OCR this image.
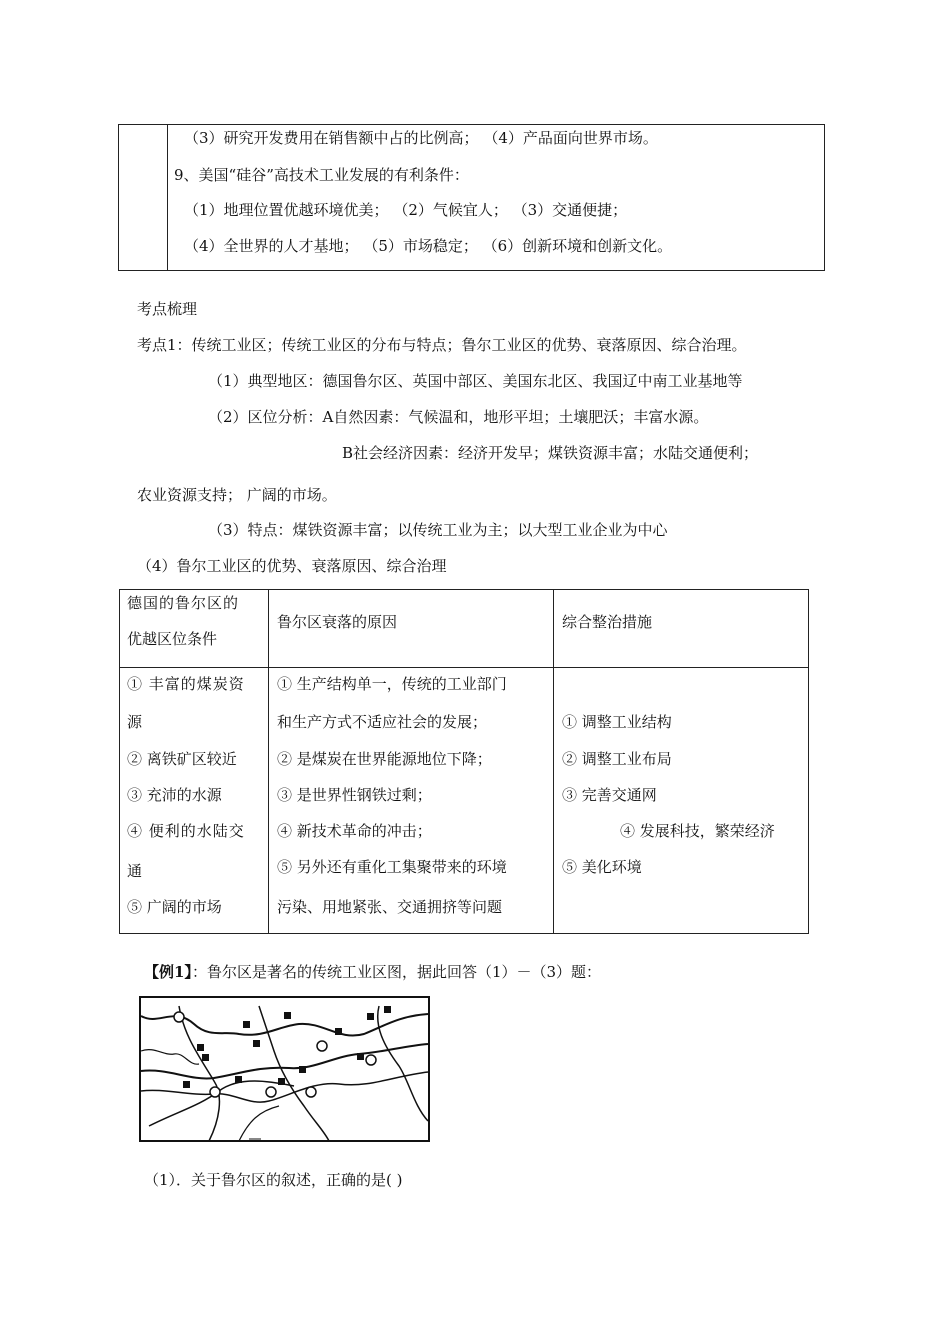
（3）研究开发费用在销售额中占的比例高； （4）产品面向世界市场。
9、美国“硅谷”高技术工业发展的有利条件：
（1）地理位置优越环境优美； （2）气候宜人； （3）交通便捷；
（4）全世界的人才基地； （5）市场稳定； （6）创新环境和创新文化。
考点梳理
考点1：传统工业区；传统工业区的分布与特点；鲁尔工业区的优势、衰落原因、综合治理。
（1）典型地区：德国鲁尔区、英国中部区、美国东北区、我国辽中南工业基地等
（2）区位分析：A自然因素：气候温和，地形平坦；土壤肥沃；丰富水源。
B社会经济因素：经济开发早；煤铁资源丰富；水陆交通便利；
农业资源支持； 广阔的市场。
（3）特点：煤铁资源丰富；以传统工业为主；以大型工业企业为中心
（4）鲁尔工业区的优势、衰落原因、综合治理
德国的鲁尔区的
优越区位条件
鲁尔区衰落的原因	综合整治措施
① 丰富的煤炭资
源
② 离铁矿区较近
③ 充沛的水源
④ 便利的水陆交
通
⑤ 广阔的市场
① 生产结构单一，传统的工业部门
和生产方式不适应社会的发展；
② 是煤炭在世界能源地位下降；
③ 是世界性钢铁过剩；
④ 新技术革命的冲击；
⑤ 另外还有重化工集聚带来的环境
污染、用地紧张、交通拥挤等问题
① 调整工业结构
② 调整工业布局
③ 完善交通网
④ 发展科技，繁荣经济
⑤ 美化环境
【例1】：鲁尔区是著名的传统工业区图，据此回答（1）－（3）题：
（1）．关于鲁尔区的叙述，正确的是( )
